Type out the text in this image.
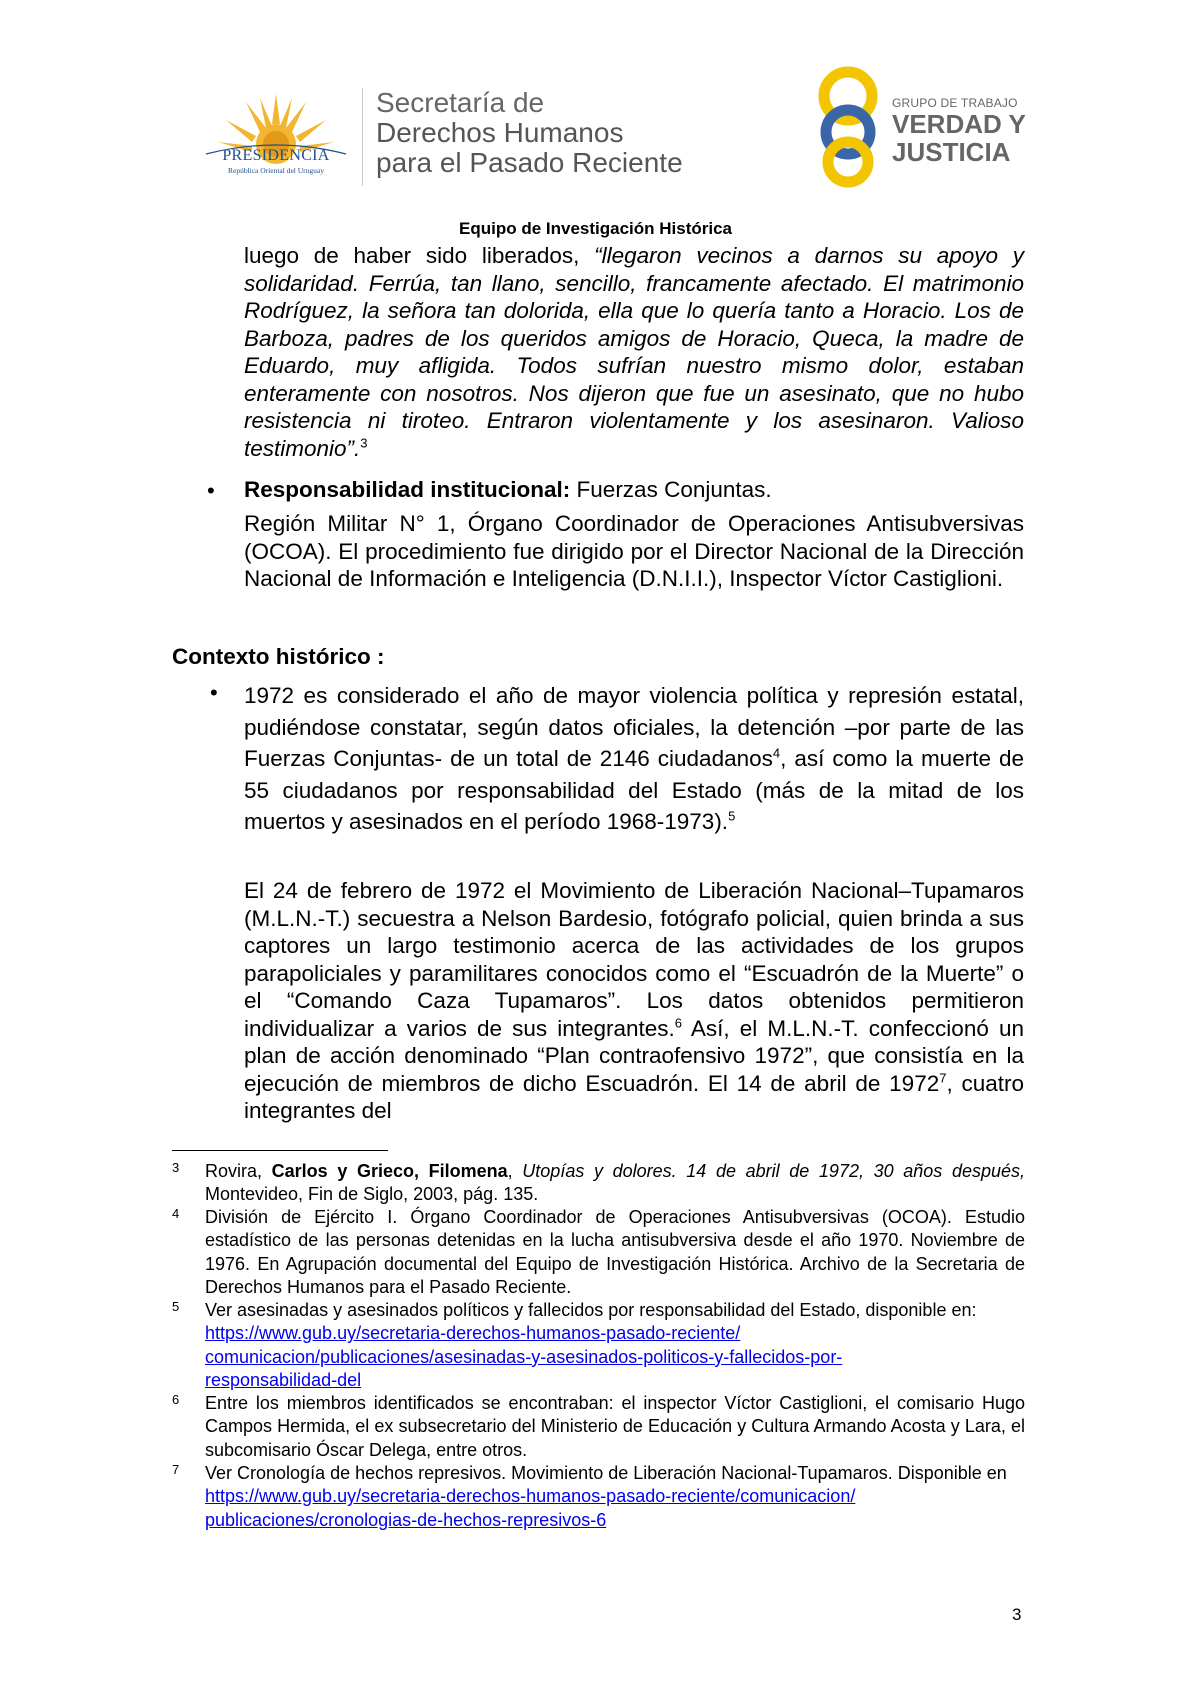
PRESIDENCIA
República Oriental del Uruguay
Secretaría de
Derechos Humanos
para el Pasado Reciente
GRUPO DE TRABAJO
VERDAD Y
JUSTICIA
Equipo de Investigación Histórica
luego de haber sido liberados, “llegaron vecinos a darnos su apoyo y solidaridad. Ferrúa, tan llano, sencillo, francamente afectado. El matrimonio Rodríguez, la señora tan dolorida, ella que lo quería tanto a Horacio. Los de Barboza, padres de los queridos amigos de Horacio, Queca, la madre de Eduardo, muy afligida. Todos sufrían nuestro mismo dolor, estaban enteramente con nosotros. Nos dijeron que fue un asesinato, que no hubo resistencia ni tiroteo. Entraron violentamente y los asesinaron. Valioso testimonio”.$^3$
• Responsabilidad institucional: Fuerzas Conjuntas.
Región Militar N° 1, Órgano Coordinador de Operaciones Antisubversivas (OCOA). El procedimiento fue dirigido por el Director Nacional de la Dirección Nacional de Información e Inteligencia (D.N.I.I.), Inspector Víctor Castiglioni.
Contexto histórico :
• 1972 es considerado el año de mayor violencia política y represión estatal, pudiéndose constatar, según datos oficiales, la detención –por parte de las Fuerzas Conjuntas- de un total de 2146 ciudadanos$^4$, así como la muerte de 55 ciudadanos por responsabilidad del Estado (más de la mitad de los muertos y asesinados en el período 1968-1973).$^5$
El 24 de febrero de 1972 el Movimiento de Liberación Nacional–Tupamaros (M.L.N.-T.) secuestra a Nelson Bardesio, fotógrafo policial, quien brinda a sus captores un largo testimonio acerca de las actividades de los grupos parapoliciales y paramilitares conocidos como el “Escuadrón de la Muerte” o el “Comando Caza Tupamaros”. Los datos obtenidos permitieron individualizar a varios de sus integrantes.$^6$ Así, el M.L.N.-T. confeccionó un plan de acción denominado “Plan contraofensivo 1972”, que consistía en la ejecución de miembros de dicho Escuadrón. El 14 de abril de 1972$^7$, cuatro integrantes del
3 Rovira, Carlos y Grieco, Filomena, Utopías y dolores. 14 de abril de 1972, 30 años después, Montevideo, Fin de Siglo, 2003, pág. 135.
4 División de Ejército I. Órgano Coordinador de Operaciones Antisubversivas (OCOA). Estudio estadístico de las personas detenidas en la lucha antisubversiva desde el año 1970. Noviembre de 1976. En Agrupación documental del Equipo de Investigación Histórica. Archivo de la Secretaria de Derechos Humanos para el Pasado Reciente.
5 Ver asesinadas y asesinados políticos y fallecidos por responsabilidad del Estado, disponible en:
https://www.gub.uy/secretaria-derechos-humanos-pasado-reciente/
comunicacion/publicaciones/asesinadas-y-asesinados-politicos-y-fallecidos-por-
responsabilidad-del
6 Entre los miembros identificados se encontraban: el inspector Víctor Castiglioni, el comisario Hugo Campos Hermida, el ex subsecretario del Ministerio de Educación y Cultura Armando Acosta y Lara, el subcomisario Óscar Delega, entre otros.
7 Ver Cronología de hechos represivos. Movimiento de Liberación Nacional-Tupamaros. Disponible en
https://www.gub.uy/secretaria-derechos-humanos-pasado-reciente/comunicacion/
publicaciones/cronologias-de-hechos-represivos-6
3
